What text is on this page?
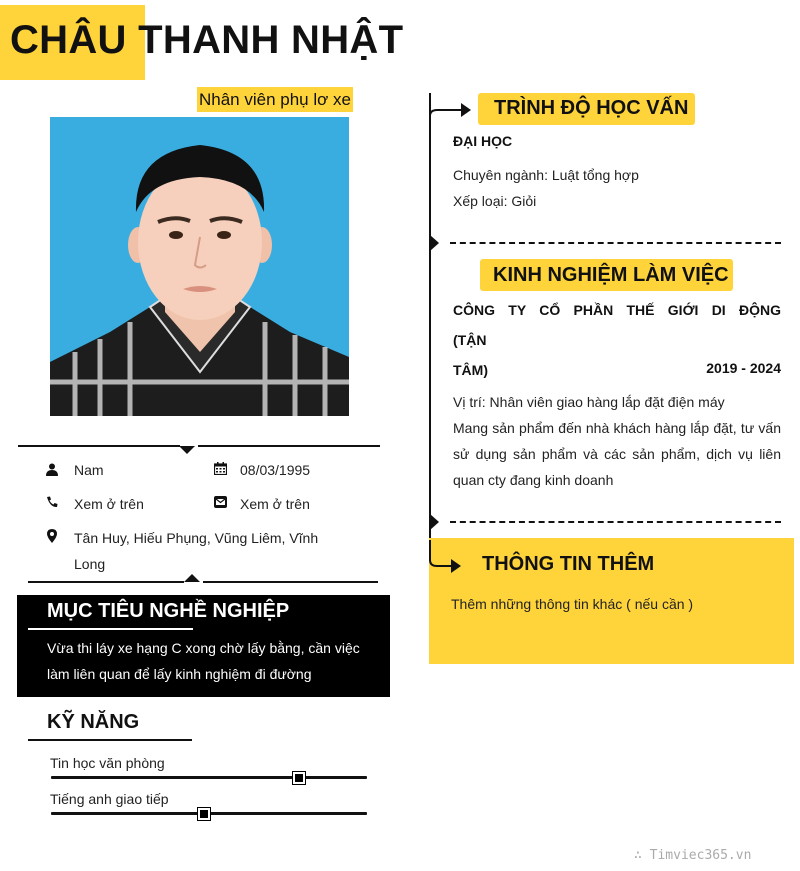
CHÂU THANH NHẬT
Nhân viên phụ lơ xe
Nam	08/03/1995
Xem ở trên	Xem ở trên
Tân Huy, Hiếu Phụng, Vũng Liêm, Vĩnh
Long
MỤC TIÊU NGHỀ NGHIỆP
Vừa thi láy xe hạng C xong chờ lấy bằng, cần việc
làm liên quan để lấy kinh nghiệm đi đường
KỸ NĂNG
Tin học văn phòng
Tiếng anh giao tiếp
TRÌNH ĐỘ HỌC VẤN
ĐẠI HỌC
Chuyên ngành: Luật tổng hợp
Xếp loại: Giỏi
KINH NGHIỆM LÀM VIỆC
CÔNG TY CỔ PHẦN THẾ GIỚI DI ĐỘNG (TẬN
TÂM)	2019 - 2024
Vị trí: Nhân viên giao hàng lắp đặt điện máy
Mang sản phẩm đến nhà khách hàng lắp đặt, tư vấn sử dụng sản phẩm và các sản phẩm, dịch vụ liên quan cty đang kinh doanh
THÔNG TIN THÊM
Thêm những thông tin khác ( nếu cần )
∴ Timviec365.vn
